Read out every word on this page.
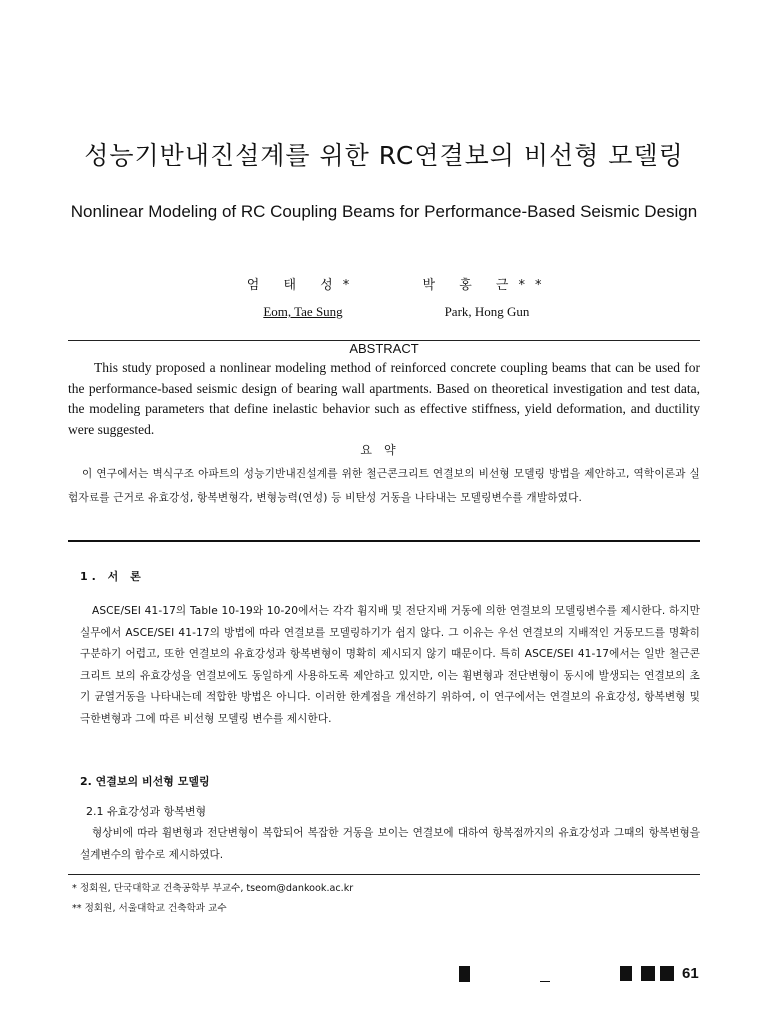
성능기반내진설계를 위한 RC연결보의 비선형 모델링
Nonlinear Modeling of RC Coupling Beams for Performance-Based Seismic Design
엄 태 성*
Eom, Tae Sung
박 홍 근**
Park, Hong Gun
ABSTRACT
This study proposed a nonlinear modeling method of reinforced concrete coupling beams that can be used for the performance-based seismic design of bearing wall apartments. Based on theoretical investigation and test data, the modeling parameters that define inelastic behavior such as effective stiffness, yield deformation, and ductility were suggested.
요약
이 연구에서는 벽식구조 아파트의 성능기반내진설계를 위한 철근콘크리트 연결보의 비선형 모델링 방법을 제안하고, 역학이론과 실험자료를 근거로 유효강성, 항복변형각, 변형능력(연성) 등 비탄성 거동을 나타내는 모델링변수를 개발하였다.
1. 서 론
ASCE/SEI 41-17의 Table 10-19와 10-20에서는 각각 휨지배 및 전단지배 거동에 의한 연결보의 모델링변수를 제시한다. 하지만 실무에서 ASCE/SEI 41-17의 방법에 따라 연결보를 모델링하기가 쉽지 않다. 그 이유는 우선 연결보의 지배적인 거동모드를 명확히 구분하기 어렵고, 또한 연결보의 유효강성과 항복변형이 명확히 제시되지 않기 때문이다. 특히 ASCE/SEI 41-17에서는 일반 철근콘크리트 보의 유효강성을 연결보에도 동일하게 사용하도록 제안하고 있지만, 이는 휨변형과 전단변형이 동시에 발생되는 연결보의 초기 균열거동을 나타내는데 적합한 방법은 아니다. 이러한 한계점을 개선하기 위하여, 이 연구에서는 연결보의 유효강성, 항복변형 및 극한변형과 그에 따른 비선형 모델링 변수를 제시한다.
2. 연결보의 비선형 모델링
2.1 유효강성과 항복변형
형상비에 따라 휨변형과 전단변형이 복합되어 복잡한 거동을 보이는 연결보에 대하여 항복점까지의 유효강성과 그때의 항복변형을 설계변수의 함수로 제시하였다.
* 정회원, 단국대학교 건축공학부 부교수, tseom@dankook.ac.kr
** 정회원, 서울대학교 건축학과 교수
61
